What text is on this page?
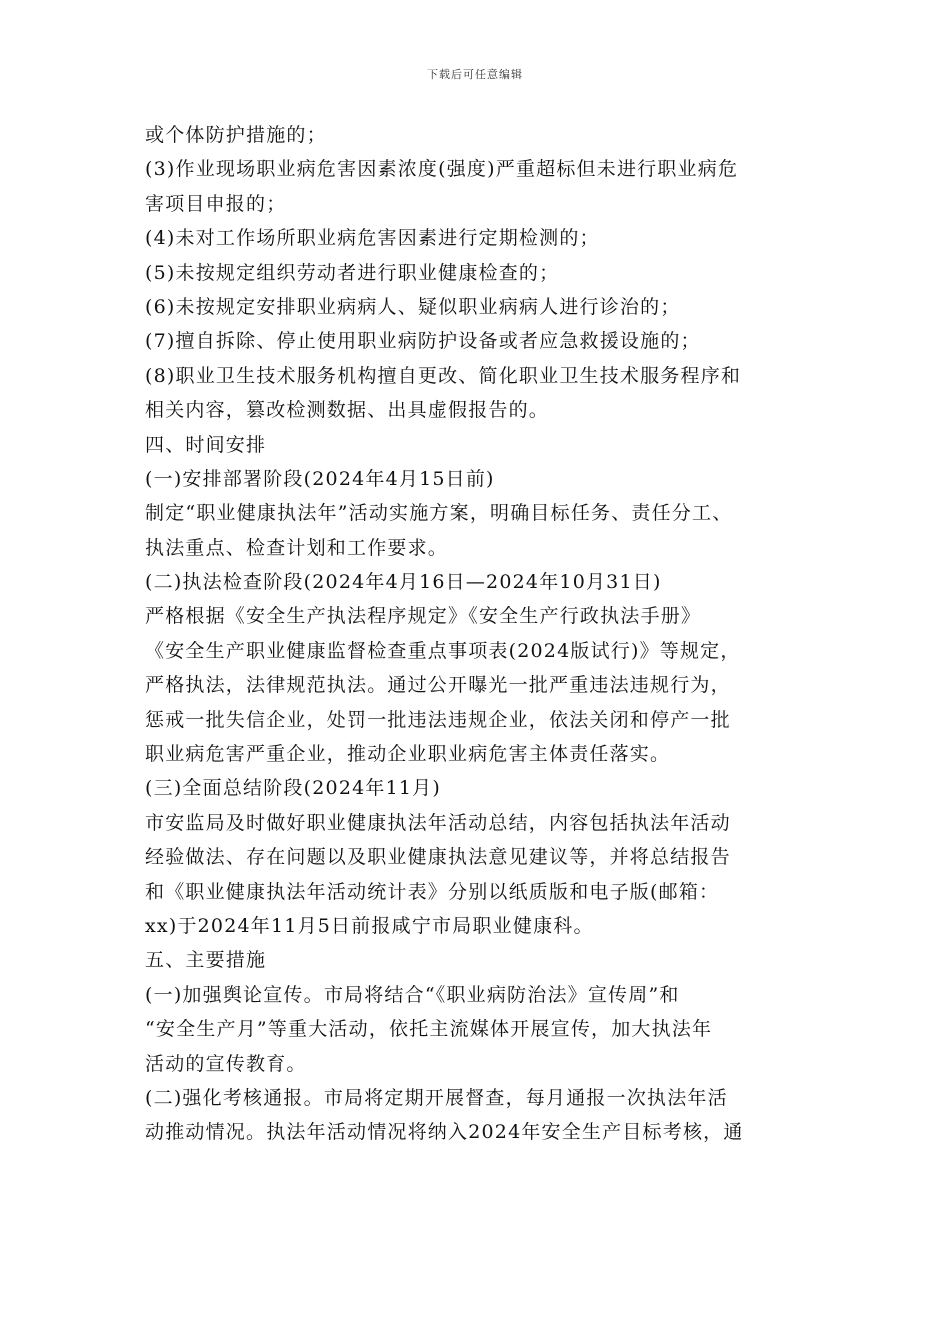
下载后可任意编辑
或个体防护措施的；
(3)作业现场职业病危害因素浓度(强度)严重超标但未进行职业病危
害项目申报的；
(4)未对工作场所职业病危害因素进行定期检测的；
(5)未按规定组织劳动者进行职业健康检查的；
(6)未按规定安排职业病病人、疑似职业病病人进行诊治的；
(7)擅自拆除、停止使用职业病防护设备或者应急救援设施的；
(8)职业卫生技术服务机构擅自更改、简化职业卫生技术服务程序和
相关内容，篡改检测数据、出具虚假报告的。
四、时间安排
(一)安排部署阶段(2024年4月15日前)
制定“职业健康执法年”活动实施方案，明确目标任务、责任分工、
执法重点、检查计划和工作要求。
(二)执法检查阶段(2024年4月16日—2024年10月31日)
严格根据《安全生产执法程序规定》《安全生产行政执法手册》
《安全生产职业健康监督检查重点事项表(2024版试行)》等规定，
严格执法，法律规范执法。通过公开曝光一批严重违法违规行为，
惩戒一批失信企业，处罚一批违法违规企业，依法关闭和停产一批
职业病危害严重企业，推动企业职业病危害主体责任落实。
(三)全面总结阶段(2024年11月)
市安监局及时做好职业健康执法年活动总结，内容包括执法年活动
经验做法、存在问题以及职业健康执法意见建议等，并将总结报告
和《职业健康执法年活动统计表》分别以纸质版和电子版(邮箱：
xx)于2024年11月5日前报咸宁市局职业健康科。
五、主要措施
(一)加强舆论宣传。市局将结合“《职业病防治法》宣传周”和
“安全生产月”等重大活动，依托主流媒体开展宣传，加大执法年
活动的宣传教育。
(二)强化考核通报。市局将定期开展督查，每月通报一次执法年活
动推动情况。执法年活动情况将纳入2024年安全生产目标考核，通
